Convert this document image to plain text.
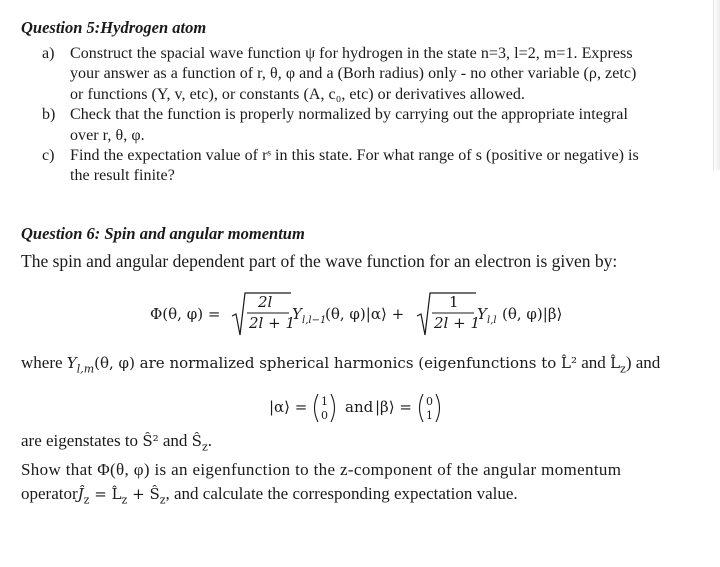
Question 5:Hydrogen atom
a) Construct the spacial wave function ψ for hydrogen in the state n=3, l=2, m=1. Express
your answer as a function of r, θ, φ and a (Borh radius) only - no other variable (ρ, zetc)
or functions (Y, v, etc), or constants (A, c₀, etc) or derivatives allowed.
b) Check that the function is properly normalized by carrying out the appropriate integral
over r, θ, φ.
c) Find the expectation value of rˢ in this state. For what range of s (positive or negative) is
the result finite?
Question 6: Spin and angular momentum
The spin and angular dependent part of the wave function for an electron is given by:
Φ(θ, φ) =
2l
2l + 1
Y l,l−1
(θ, φ)|α⟩ +
1
2l + 1
Y l,l (θ, φ)|β⟩
where $Y_{l,m}(\theta$, φ) are normalized spherical harmonics (eigenfunctions to L̂² and $L̂_z$) and
|α⟩ = 1
0 and |β⟩ = 0
1
are eigenstates to Ŝ² and $Ŝ_z$.
Show that Φ(θ, φ) is an eigenfunction to the z-component of the angular momentum
$operatorĴ_z$ = $L̂_z$ + $Ŝ_z$, and calculate the corresponding expectation value.
